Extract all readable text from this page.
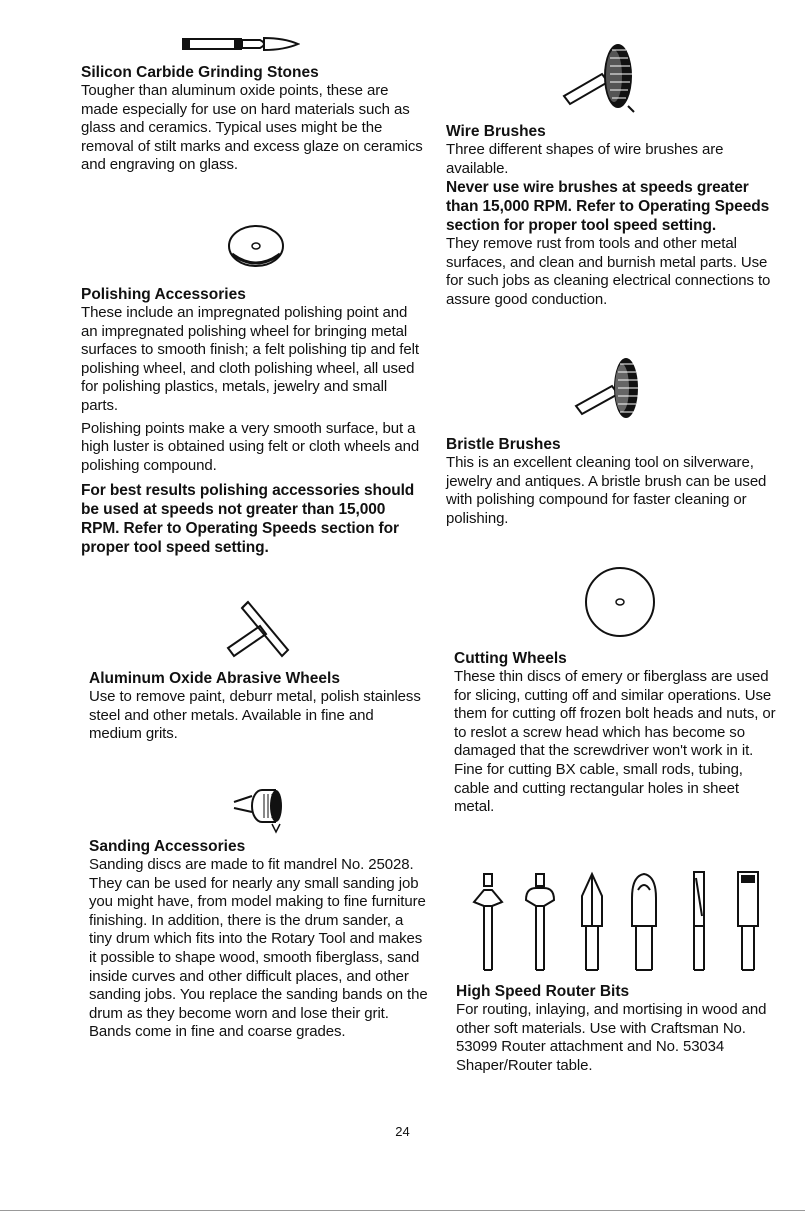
Silicon Carbide Grinding Stones

Tougher than aluminum oxide points, these are made especially for use on hard materials such as glass and ceramics. Typical uses might be the removal of stilt marks and excess glaze on ceramics and engraving on glass.

Polishing Accessories

These include an impregnated polishing point and an impregnated polishing wheel for bringing metal surfaces to smooth finish; a felt polishing tip and felt polishing wheel, and cloth polishing wheel, all used for polishing plastics, metals, jewelry and small parts.

Polishing points make a very smooth surface, but a high luster is obtained using felt or cloth wheels and polishing compound.

For best results polishing accessories should be used at speeds not greater than 15,000 RPM. Refer to Operating Speeds section for proper tool speed setting.

Aluminum Oxide Abrasive Wheels

Use to remove paint, deburr metal, polish stainless steel and other metals. Available in fine and medium grits.

Sanding Accessories

Sanding discs are made to fit mandrel No. 25028. They can be used for nearly any small sanding job you might have, from model making to fine furniture finishing. In addition, there is the drum sander, a tiny drum which fits into the Rotary Tool and makes it possible to shape wood, smooth fiberglass, sand inside curves and other difficult places, and other sanding jobs. You replace the sanding bands on the drum as they become worn and lose their grit. Bands come in fine and coarse grades.

Wire Brushes

Three different shapes of wire brushes are available.

Never use wire brushes at speeds greater than 15,000 RPM. Refer to Operating Speeds section for proper tool speed setting.

They remove rust from tools and other metal surfaces, and clean and burnish metal parts. Use for such jobs as cleaning electrical connections to assure good conduction.

Bristle Brushes

This is an excellent cleaning tool on silverware, jewelry and antiques. A bristle brush can be used with polishing compound for faster cleaning or polishing.

Cutting Wheels

These thin discs of emery or fiberglass are used for slicing, cutting off and similar operations. Use them for cutting off frozen bolt heads and nuts, or to reslot a screw head which has become so damaged that the screwdriver won't work in it. Fine for cutting BX cable, small rods, tubing, cable and cutting rectangular holes in sheet metal.

High Speed Router Bits

For routing, inlaying, and mortising in wood and other soft materials. Use with Craftsman No. 53099 Router attachment and No. 53034 Shaper/Router table.

24
